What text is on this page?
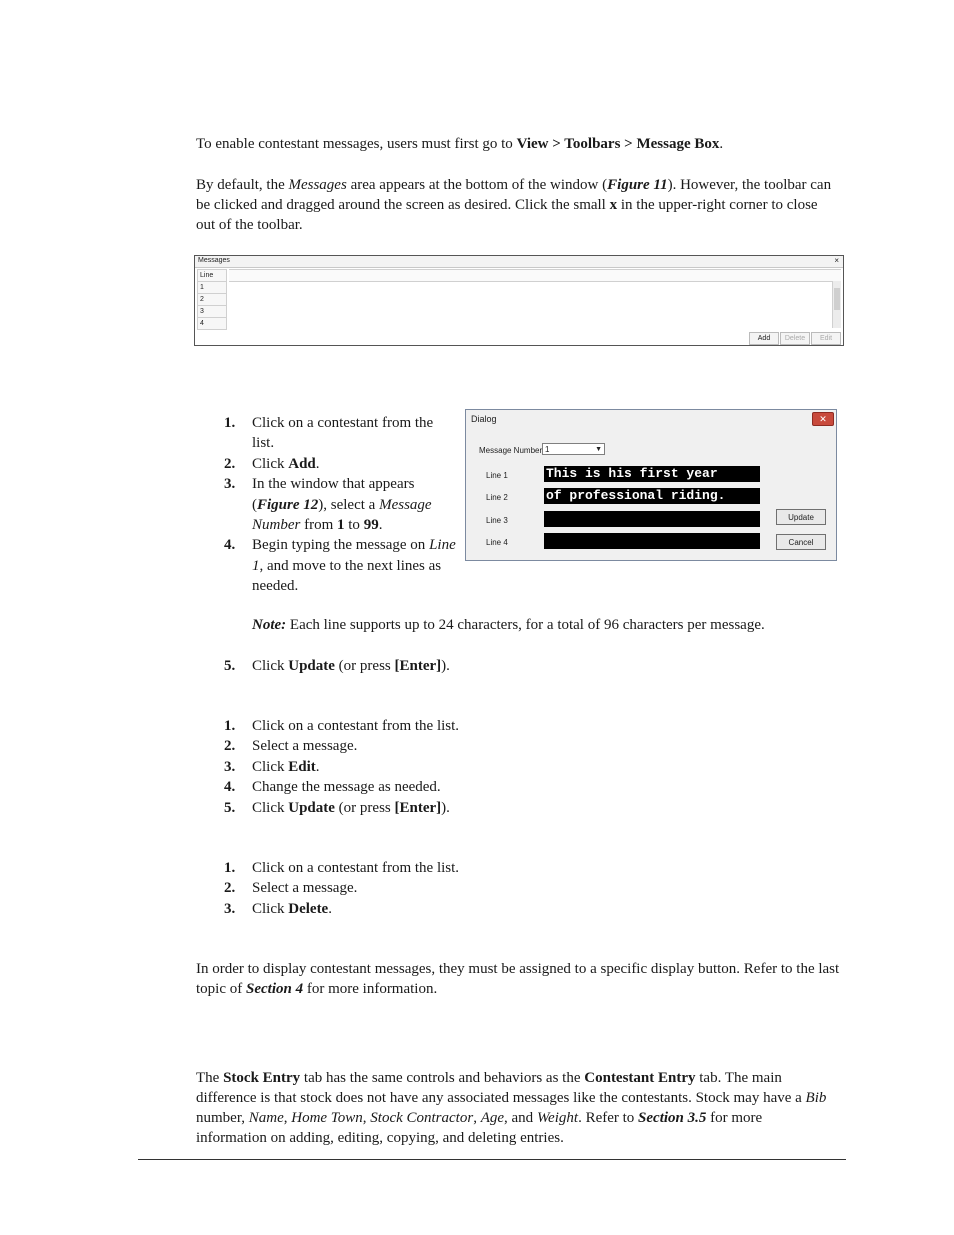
To enable contestant messages, users must first go to View > Toolbars > Message Box.

By default, the Messages area appears at the bottom of the window (Figure 11). However, the toolbar can be clicked and dragged around the screen as desired. Click the small x in the upper-right corner to close out of the toolbar.

Messages	×
Line
1
2
3
4
Add	Delete	Edit
1. Click on a contestant from the list.
2. Click Add.
3. In the window that appears (Figure 12), select a Message Number from 1 to 99.
4. Begin typing the message on Line 1, and move to the next lines as needed.
Dialog	✕
Message Number 1	▼
Line 1	This is his first year
Line 2	of professional riding.
Line 3
Line 4
Update
Cancel

Note: Each line supports up to 24 characters, for a total of 96 characters per message.

5. Click Update (or press [Enter]).
1. Click on a contestant from the list.
2. Select a message.
3. Click Edit.
4. Change the message as needed.
5. Click Update (or press [Enter]).
1. Click on a contestant from the list.
2. Select a message.
3. Click Delete.

In order to display contestant messages, they must be assigned to a specific display button. Refer to the last topic of Section 4 for more information.

The Stock Entry tab has the same controls and behaviors as the Contestant Entry tab. The main difference is that stock does not have any associated messages like the contestants. Stock may have a Bib number, Name, Home Town, Stock Contractor, Age, and Weight. Refer to Section 3.5 for more information on adding, editing, copying, and deleting entries.
